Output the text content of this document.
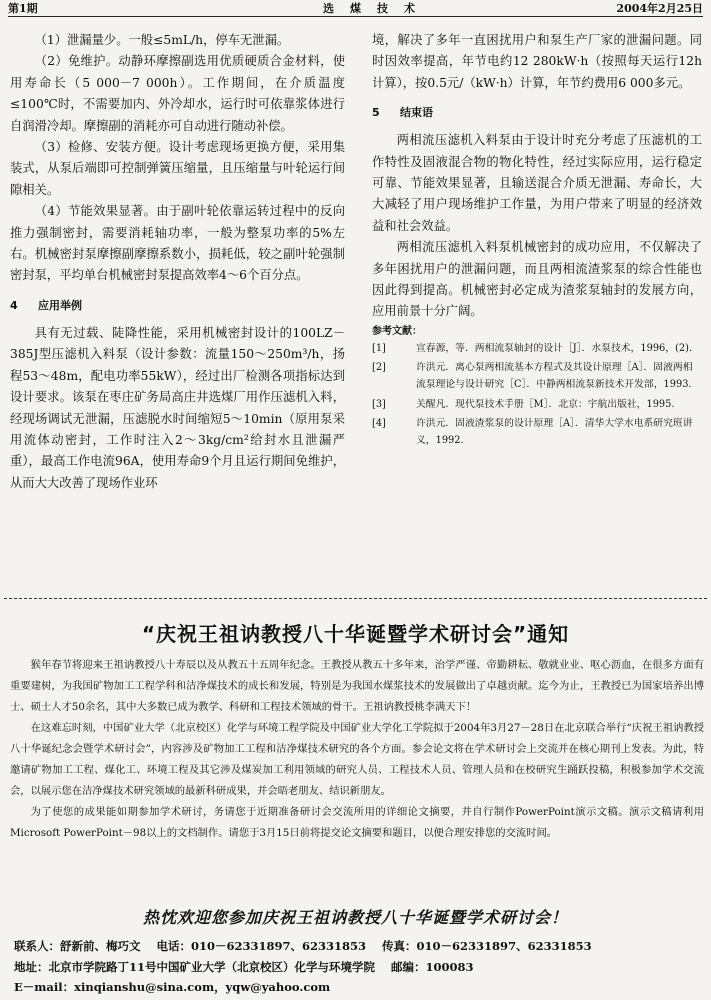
第1期	选煤技术	2004年2月25日

（1）泄漏量少。一般≤5mL/h，停车无泄漏。

（2）免维护。动静环摩擦副选用优质硬质合金材料，使用寿命长（5 000－7 000h）。工作期间，在介质温度≤100℃时，不需要加内、外冷却水，运行时可依靠浆体进行自润滑冷却。摩擦副的消耗亦可自动进行随动补偿。

（3）检修、安装方便。设计考虑现场更换方便，采用集装式，从泵后端即可控制弹簧压缩量，且压缩量与叶轮运行间隙相关。

（4）节能效果显著。由于副叶轮依靠运转过程中的反向推力强制密封，需要消耗轴功率，一般为整泵功率的5%左右。机械密封泵摩擦副摩擦系数小，损耗低，较之副叶轮强制密封泵，平均单台机械密封泵提高效率4～6个百分点。

4 应用举例

具有无过载、陡降性能，采用机械密封设计的100LZ－385J型压滤机入料泵（设计参数：流量150～250m³/h，扬程53～48m，配电功率55kW），经过出厂检测各项指标达到设计要求。该泵在枣庄矿务局高庄井选煤厂用作压滤机入料，经现场调试无泄漏，压滤脱水时间缩短5～10min（原用泵采用流体动密封，工作时注入2～3kg/cm²给封水且泄漏严重），最高工作电流96A，使用寿命9个月且运行期间免维护，从而大大改善了现场作业环

境，解决了多年一直困扰用户和泵生产厂家的泄漏问题。同时因效率提高，年节电约12 280kW·h（按照每天运行12h计算），按0.5元/（kW·h）计算，年节约费用6 000多元。

5 结束语

两相流压滤机入料泵由于设计时充分考虑了压滤机的工作特性及固液混合物的物化特性，经过实际应用，运行稳定可靠、节能效果显著，且输送混合介质无泄漏、寿命长，大大减轻了用户现场维护工作量，为用户带来了明显的经济效益和社会效益。

两相流压滤机入料泵机械密封的成功应用，不仅解决了多年困扰用户的泄漏问题，而且两相流渣浆泵的综合性能也因此得到提高。机械密封必定成为渣浆泵轴封的发展方向，应用前景十分广阔。

参考文献：
[1]	宣春源，等．两相流泵轴封的设计［J］．水泵技术，1996，(2)．
[2]	许洪元．离心泵两相流基本方程式及其设计原理［A］．固液两相流泵理论与设计研究［C］．中静两相流泵新技术开发部，1993.
[3]	关醒凡．现代泵技术手册［M］．北京：宇航出版社，1995.
[4]	许洪元．固液渣浆泵的设计原理［A］．清华大学水电系研究班讲义，1992.
“庆祝王祖讷教授八十华诞暨学术研讨会”通知

猴年春节将迎来王祖讷教授八十寿辰以及从教五十五周年纪念。王教授从教五十多年来，治学严谨、帝勤耕耘、敬就业业、呕心沥血，在很多方面有重要建树，为我国矿物加工工程学科和洁净煤技术的成长和发展，特别是为我国水煤浆技术的发展做出了卓越贡献。迄今为止，王教授已为国家培养出博士、硕士人才50余名，其中大多数已成为教学、科研和工程技术领域的骨干。王祖讷教授桃李满天下！

在这难忘时刻，中国矿业大学（北京校区）化学与环境工程学院及中国矿业大学化工学院拟于2004年3月27－28日在北京联合举行“庆祝王祖讷教授八十华诞纪念会暨学术研讨会”，内容涉及矿物加工工程和洁净煤技术研究的各个方面。参会论文将在学术研讨会上交流并在核心期刊上发表。为此，特邀请矿物加工工程、煤化工、环境工程及其它涉及煤炭加工利用领域的研究人员、工程技术人员、管理人员和在校研究生踊跃投稿，积极参加学术交流会，以展示您在洁净煤技术研究领域的最新科研成果，并会晤老朋友、结识新朋友。

为了使您的成果能如期参加学术研讨，务请您于近期准备研讨会交流所用的详细论文摘要，并自行制作PowerPoint演示文稿。演示文稿请利用Microsoft PowerPoint－98以上的文档制作。请您于3月15日前将提交论文摘要和题目，以便合理安排您的交流时间。

热忱欢迎您参加庆祝王祖讷教授八十华诞暨学术研讨会！
联系人：舒新前、梅巧文 电话：010－62331897、62331853 传真：010－62331897、62331853
地址：北京市学院路丁11号中国矿业大学（北京校区）化学与环境学院 邮编：100083
E－mail：xinqianshu@sina.com，yqw@yahoo.com
